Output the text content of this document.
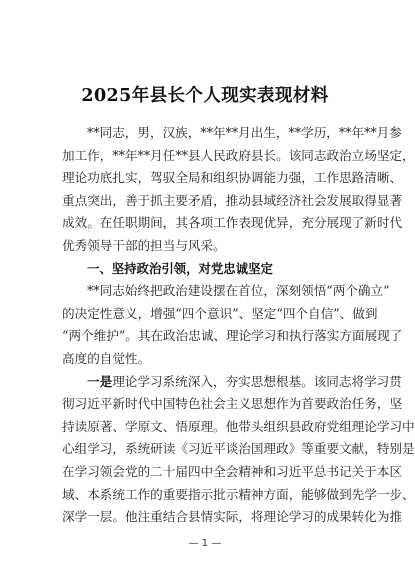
2025年县长个人现实表现材料
**同志，男，汉族，**年**月出生，**学历，**年**月参
加工作，**年**月任**县人民政府县长。该同志政治立场坚定，
理论功底扎实，驾驭全局和组织协调能力强，工作思路清晰、
重点突出，善于抓主要矛盾，推动县域经济社会发展取得显著
成效。在任职期间，其各项工作表现优异，充分展现了新时代
优秀领导干部的担当与风采。
一、坚持政治引领，对党忠诚坚定
**同志始终把政治建设摆在首位，深刻领悟“两个确立”
的决定性意义，增强“四个意识”、坚定“四个自信”、做到
“两个维护”。其在政治忠诚、理论学习和执行落实方面展现了
高度的自觉性。
一是理论学习系统深入，夯实思想根基。该同志将学习贯
彻习近平新时代中国特色社会主义思想作为首要政治任务，坚
持读原著、学原文、悟原理。他带头组织县政府党组理论学习中
心组学习，系统研读《习近平谈治国理政》等重要文献，特别是
在学习领会党的二十届四中全会精神和习近平总书记关于本区
域、本系统工作的重要指示批示精神方面，能够做到先学一步、
深学一层。他注重结合县情实际，将理论学习的成果转化为推
— 1 —
